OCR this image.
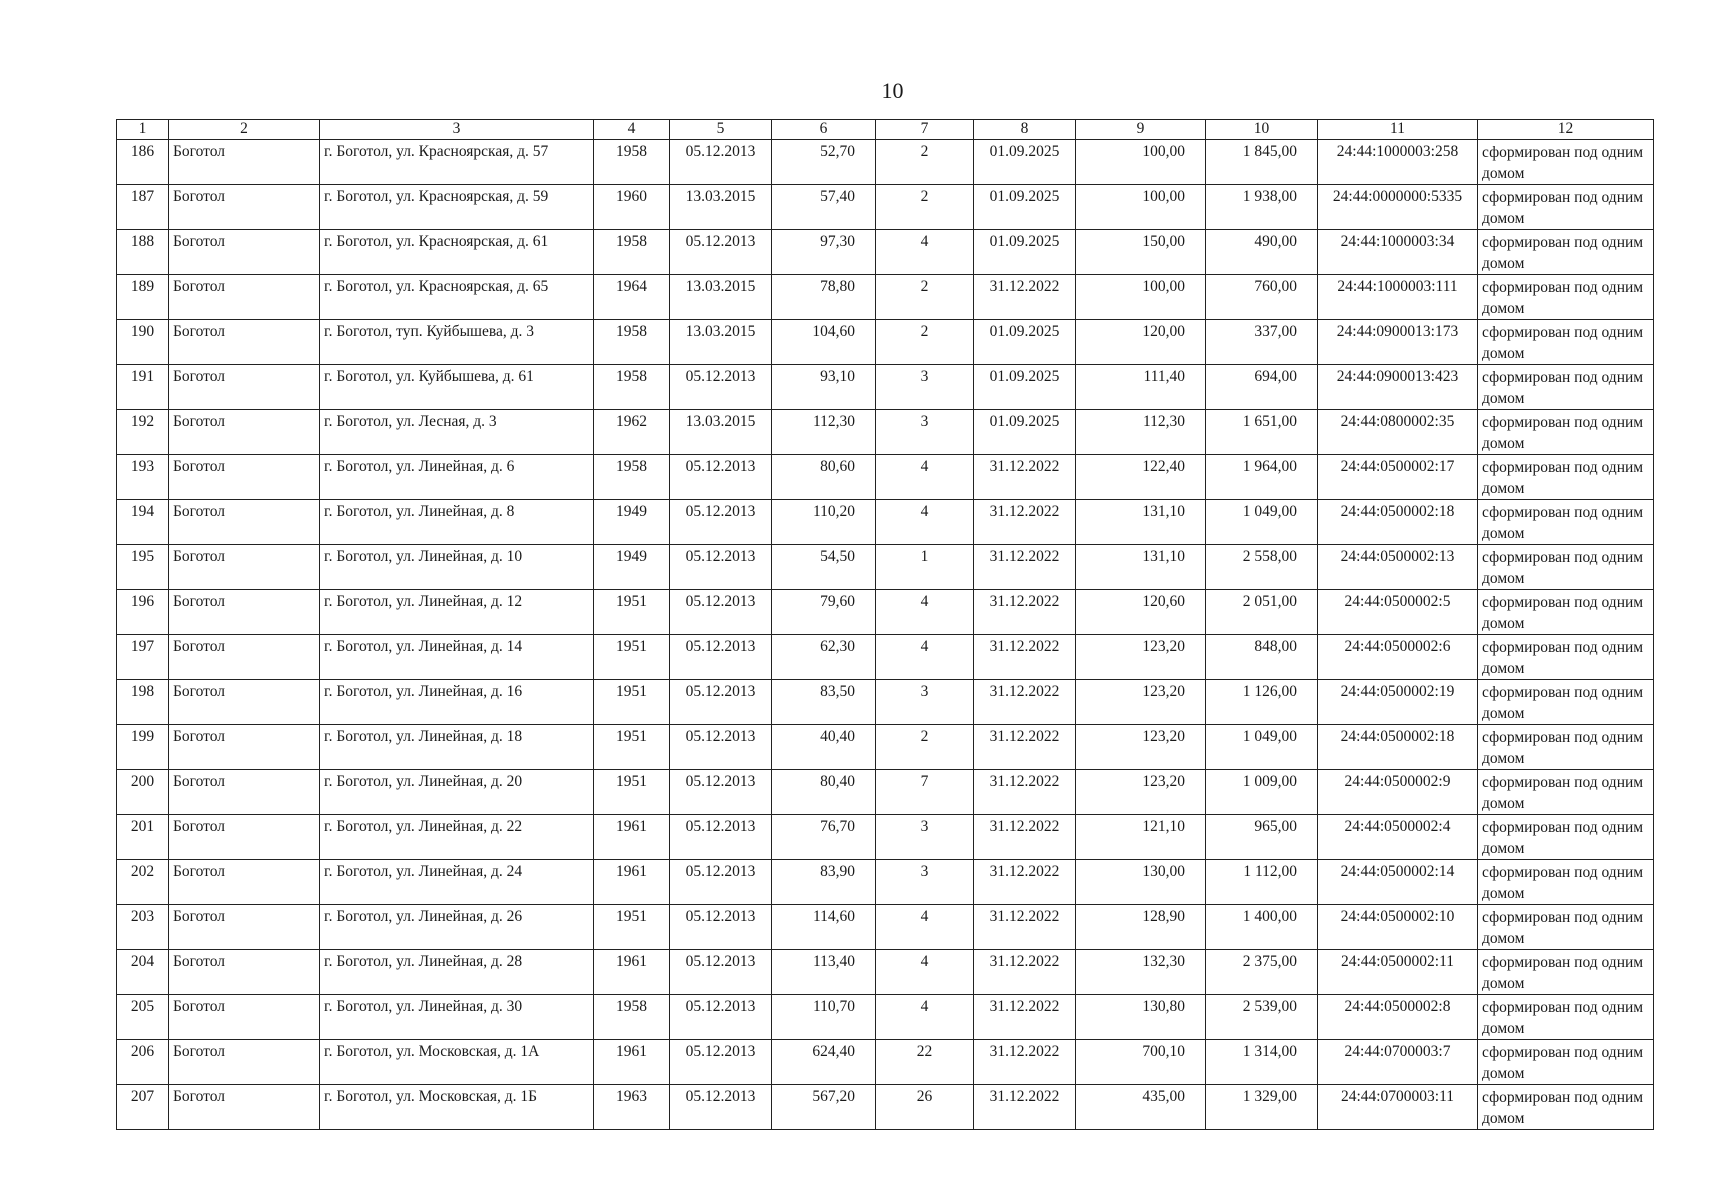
10
1	2	3	4	5	6	7	8	9	10	11	12
186	Боготол	г. Боготол, ул. Красноярская, д. 57	1958	05.12.2013	52,70	2	01.09.2025	100,00	1 845,00	24:44:1000003:258	сформирован под одним домом
187	Боготол	г. Боготол, ул. Красноярская, д. 59	1960	13.03.2015	57,40	2	01.09.2025	100,00	1 938,00	24:44:0000000:5335	сформирован под одним домом
188	Боготол	г. Боготол, ул. Красноярская, д. 61	1958	05.12.2013	97,30	4	01.09.2025	150,00	490,00	24:44:1000003:34	сформирован под одним домом
189	Боготол	г. Боготол, ул. Красноярская, д. 65	1964	13.03.2015	78,80	2	31.12.2022	100,00	760,00	24:44:1000003:111	сформирован под одним домом
190	Боготол	г. Боготол, туп. Куйбышева, д. 3	1958	13.03.2015	104,60	2	01.09.2025	120,00	337,00	24:44:0900013:173	сформирован под одним домом
191	Боготол	г. Боготол, ул. Куйбышева, д. 61	1958	05.12.2013	93,10	3	01.09.2025	111,40	694,00	24:44:0900013:423	сформирован под одним домом
192	Боготол	г. Боготол, ул. Лесная, д. 3	1962	13.03.2015	112,30	3	01.09.2025	112,30	1 651,00	24:44:0800002:35	сформирован под одним домом
193	Боготол	г. Боготол, ул. Линейная, д. 6	1958	05.12.2013	80,60	4	31.12.2022	122,40	1 964,00	24:44:0500002:17	сформирован под одним домом
194	Боготол	г. Боготол, ул. Линейная, д. 8	1949	05.12.2013	110,20	4	31.12.2022	131,10	1 049,00	24:44:0500002:18	сформирован под одним домом
195	Боготол	г. Боготол, ул. Линейная, д. 10	1949	05.12.2013	54,50	1	31.12.2022	131,10	2 558,00	24:44:0500002:13	сформирован под одним домом
196	Боготол	г. Боготол, ул. Линейная, д. 12	1951	05.12.2013	79,60	4	31.12.2022	120,60	2 051,00	24:44:0500002:5	сформирован под одним домом
197	Боготол	г. Боготол, ул. Линейная, д. 14	1951	05.12.2013	62,30	4	31.12.2022	123,20	848,00	24:44:0500002:6	сформирован под одним домом
198	Боготол	г. Боготол, ул. Линейная, д. 16	1951	05.12.2013	83,50	3	31.12.2022	123,20	1 126,00	24:44:0500002:19	сформирован под одним домом
199	Боготол	г. Боготол, ул. Линейная, д. 18	1951	05.12.2013	40,40	2	31.12.2022	123,20	1 049,00	24:44:0500002:18	сформирован под одним домом
200	Боготол	г. Боготол, ул. Линейная, д. 20	1951	05.12.2013	80,40	7	31.12.2022	123,20	1 009,00	24:44:0500002:9	сформирован под одним домом
201	Боготол	г. Боготол, ул. Линейная, д. 22	1961	05.12.2013	76,70	3	31.12.2022	121,10	965,00	24:44:0500002:4	сформирован под одним домом
202	Боготол	г. Боготол, ул. Линейная, д. 24	1961	05.12.2013	83,90	3	31.12.2022	130,00	1 112,00	24:44:0500002:14	сформирован под одним домом
203	Боготол	г. Боготол, ул. Линейная, д. 26	1951	05.12.2013	114,60	4	31.12.2022	128,90	1 400,00	24:44:0500002:10	сформирован под одним домом
204	Боготол	г. Боготол, ул. Линейная, д. 28	1961	05.12.2013	113,40	4	31.12.2022	132,30	2 375,00	24:44:0500002:11	сформирован под одним домом
205	Боготол	г. Боготол, ул. Линейная, д. 30	1958	05.12.2013	110,70	4	31.12.2022	130,80	2 539,00	24:44:0500002:8	сформирован под одним домом
206	Боготол	г. Боготол, ул. Московская, д. 1А	1961	05.12.2013	624,40	22	31.12.2022	700,10	1 314,00	24:44:0700003:7	сформирован под одним домом
207	Боготол	г. Боготол, ул. Московская, д. 1Б	1963	05.12.2013	567,20	26	31.12.2022	435,00	1 329,00	24:44:0700003:11	сформирован под одним домом
